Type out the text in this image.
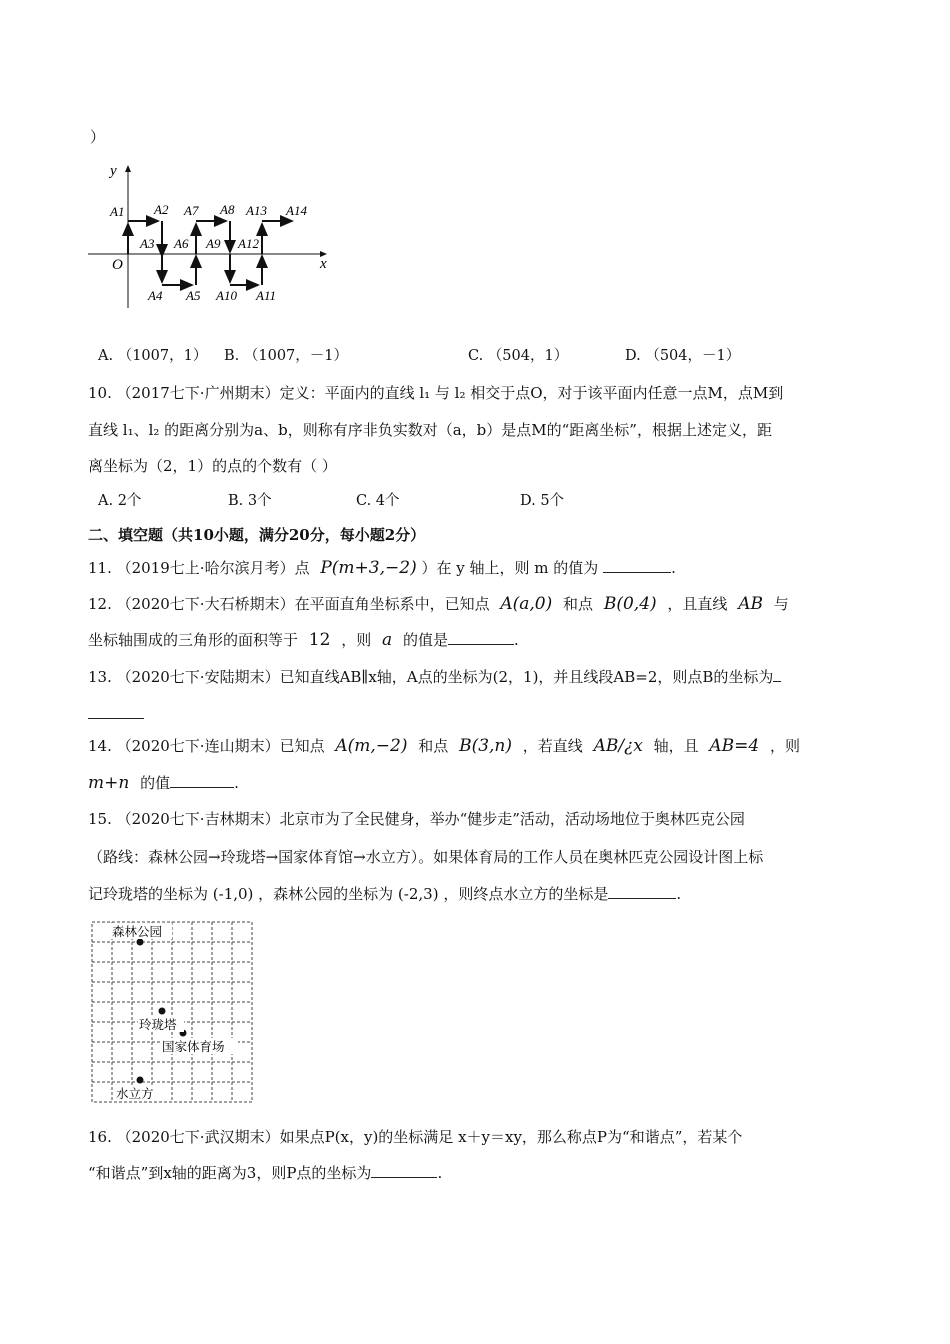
）
x
y
O
A1 A2
A3
A4 A5
A6
A7 A8
A9
A10 A11
A12
A13 A14
A. （1007，1） B. （1007，－1）	C. （504，1）	D. （504，－1）
10. （2017七下·广州期末）定义：平面内的直线 l₁ 与 l₂ 相交于点O，对于该平面内任意一点M，点M到
直线 l₁、l₂ 的距离分别为a、b，则称有序非负实数对（a，b）是点M的“距离坐标”，根据上述定义，距
离坐标为（2，1）的点的个数有（ ）
A. 2个	B. 3个	C. 4个	D. 5个
二、填空题（共10小题，满分20分，每小题2分）
11. （2019七上·哈尔滨月考）点 P(m+3,−2) ）在 y 轴上，则 m 的值为	.
12. （2020七下·大石桥期末）在平面直角坐标系中，已知点 A(a,0) 和点 B(0,4) ，且直线 AB 与
坐标轴围成的三角形的面积等于 12 ，则 a 的值是	.
13. （2020七下·安陆期末）已知直线AB∥x轴，A点的坐标为(2，1)，并且线段AB=2，则点B的坐标为
14. （2020七下·连山期末）已知点 A(m,−2) 和点 B(3,n) ，若直线 AB/¿x 轴，且 AB=4 ，则
m+n 的值	.
15. （2020七下·吉林期末）北京市为了全民健身，举办“健步走”活动，活动场地位于奥林匹克公园
（路线：森林公园→玲珑塔→国家体育馆→水立方）。如果体育局的工作人员在奥林匹克公园设计图上标
记玲珑塔的坐标为 (-1,0) ，森林公园的坐标为 (-2,3) ，则终点水立方的坐标是	.
森林公园
玲珑塔
国家体育场
水立方
16. （2020七下·武汉期末）如果点P(x，y)的坐标满足 x＋y＝xy，那么称点P为“和谐点”，若某个
“和谐点”到x轴的距离为3，则P点的坐标为	.
